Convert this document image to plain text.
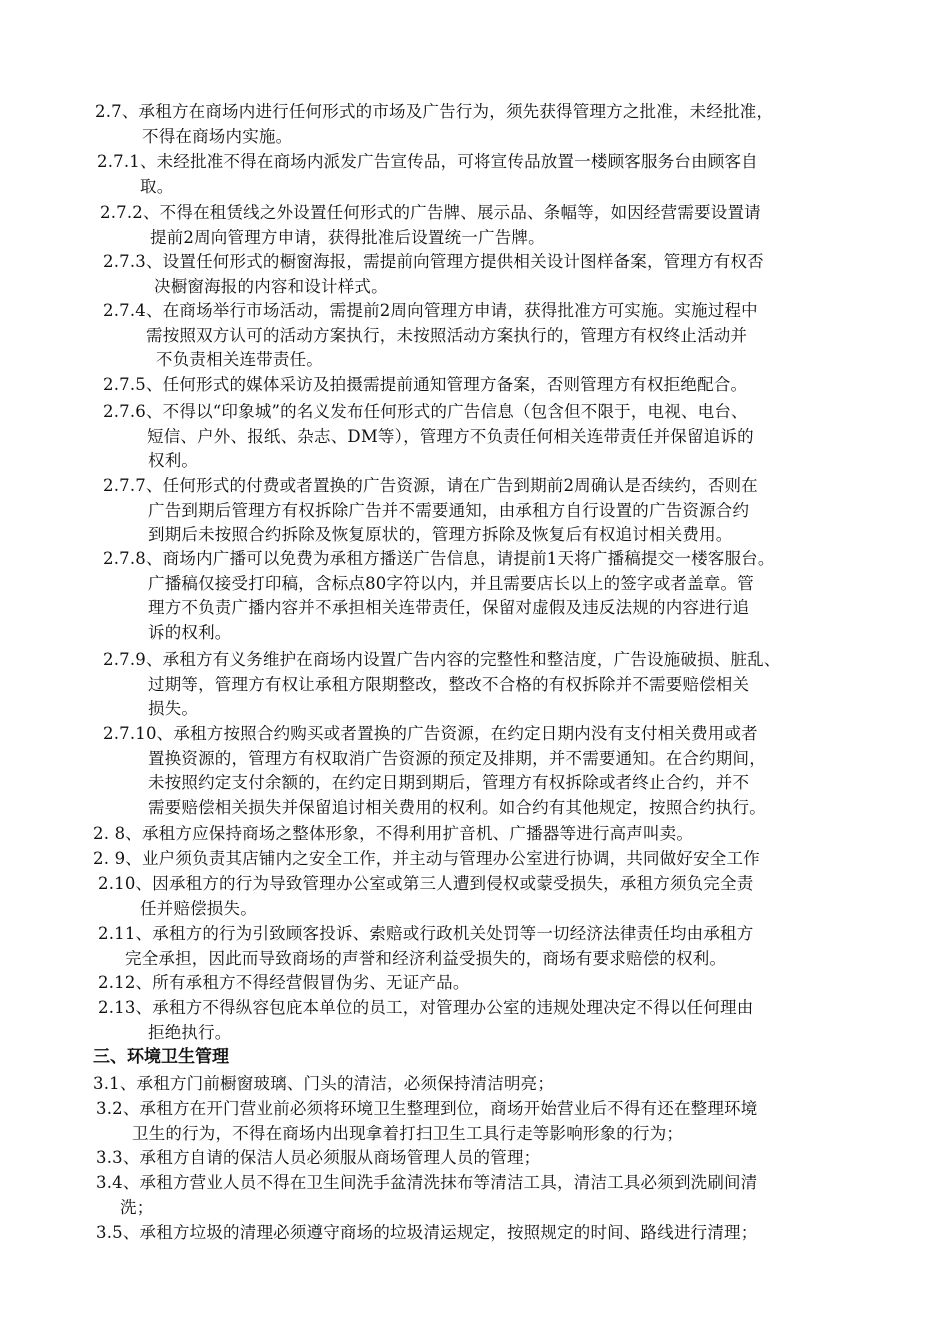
2.7、承租方在商场内进行任何形式的市场及广告行为，须先获得管理方之批准，未经批准，
不得在商场内实施。
2.7.1、未经批准不得在商场内派发广告宣传品，可将宣传品放置一楼顾客服务台由顾客自
取。
2.7.2、不得在租赁线之外设置任何形式的广告牌、展示品、条幅等，如因经营需要设置请
提前2周向管理方申请，获得批准后设置统一广告牌。
2.7.3、设置任何形式的橱窗海报，需提前向管理方提供相关设计图样备案，管理方有权否
决橱窗海报的内容和设计样式。
2.7.4、在商场举行市场活动，需提前2周向管理方申请，获得批准方可实施。实施过程中
需按照双方认可的活动方案执行，未按照活动方案执行的，管理方有权终止活动并
不负责相关连带责任。
2.7.5、任何形式的媒体采访及拍摄需提前通知管理方备案，否则管理方有权拒绝配合。
2.7.6、不得以“印象城”的名义发布任何形式的广告信息（包含但不限于，电视、电台、
短信、户外、报纸、杂志、DM等），管理方不负责任何相关连带责任并保留追诉的
权利。
2.7.7、任何形式的付费或者置换的广告资源，请在广告到期前2周确认是否续约，否则在
广告到期后管理方有权拆除广告并不需要通知，由承租方自行设置的广告资源合约
到期后未按照合约拆除及恢复原状的，管理方拆除及恢复后有权追讨相关费用。
2.7.8、商场内广播可以免费为承租方播送广告信息，请提前1天将广播稿提交一楼客服台。
广播稿仅接受打印稿，含标点80字符以内，并且需要店长以上的签字或者盖章。管
理方不负责广播内容并不承担相关连带责任，保留对虚假及违反法规的内容进行追
诉的权利。
2.7.9、承租方有义务维护在商场内设置广告内容的完整性和整洁度，广告设施破损、脏乱、
过期等，管理方有权让承租方限期整改，整改不合格的有权拆除并不需要赔偿相关
损失。
2.7.10、承租方按照合约购买或者置换的广告资源，在约定日期内没有支付相关费用或者
置换资源的，管理方有权取消广告资源的预定及排期，并不需要通知。在合约期间，
未按照约定支付余额的，在约定日期到期后，管理方有权拆除或者终止合约，并不
需要赔偿相关损失并保留追讨相关费用的权利。如合约有其他规定，按照合约执行。
2. 8、承租方应保持商场之整体形象，不得利用扩音机、广播器等进行高声叫卖。
2. 9、业户须负责其店铺内之安全工作，并主动与管理办公室进行协调，共同做好安全工作
2.10、因承租方的行为导致管理办公室或第三人遭到侵权或蒙受损失，承租方须负完全责
任并赔偿损失。
2.11、承租方的行为引致顾客投诉、索赔或行政机关处罚等一切经济法律责任均由承租方
完全承担，因此而导致商场的声誉和经济利益受损失的，商场有要求赔偿的权利。
2.12、所有承租方不得经营假冒伪劣、无证产品。
2.13、承租方不得纵容包庇本单位的员工，对管理办公室的违规处理决定不得以任何理由
拒绝执行。
三、环境卫生管理
3.1、承租方门前橱窗玻璃、门头的清洁，必须保持清洁明亮；
3.2、承租方在开门营业前必须将环境卫生整理到位，商场开始营业后不得有还在整理环境
卫生的行为，不得在商场内出现拿着打扫卫生工具行走等影响形象的行为；
3.3、承租方自请的保洁人员必须服从商场管理人员的管理；
3.4、承租方营业人员不得在卫生间洗手盆清洗抹布等清洁工具，清洁工具必须到洗刷间清
洗；
3.5、承租方垃圾的清理必须遵守商场的垃圾清运规定，按照规定的时间、路线进行清理；
